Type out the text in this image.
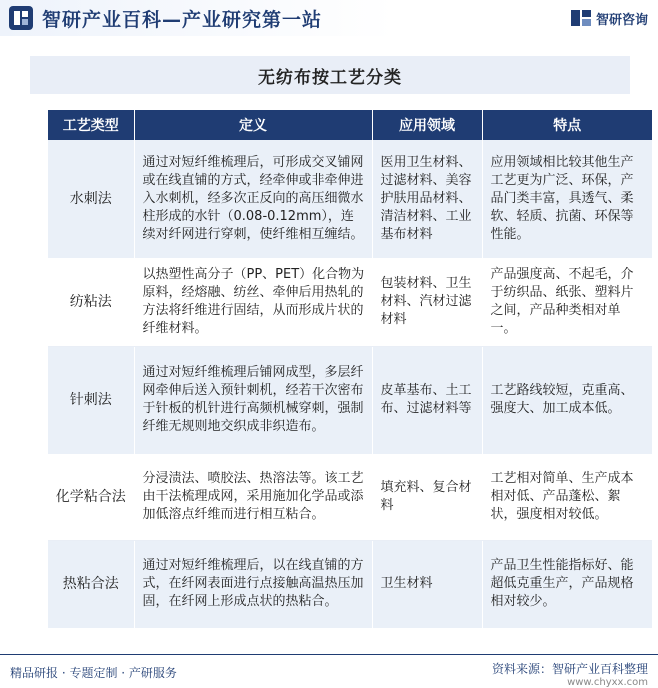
智研产业百科—产业研究第一站	智研咨询
无纺布按工艺分类
工艺类型	定义	应用领域	特点
水刺法	通过对短纤维梳理后，可形成交叉铺网或在线直铺的方式，经牵伸或非牵伸进入水刺机，经多次正反向的高压细微水柱形成的水针（0.08-0.12mm），连续对纤网进行穿刺，使纤维相互缠结。	医用卫生材料、过滤材料、美容护肤用品材料、清洁材料、工业基布材料	应用领域相比较其他生产工艺更为广泛、环保，产品门类丰富，具透气、柔软、轻质、抗菌、环保等性能。
纺粘法	以热塑性高分子（PP、PET）化合物为原料，经熔融、纺丝、牵伸后用热轧的方法将纤维进行固结，从而形成片状的纤维材料。	包装材料、卫生材料、汽材过滤材料	产品强度高、不起毛，介于纺织品、纸张、塑料片之间，产品种类相对单一。
针刺法	通过对短纤维梳理后铺网成型，多层纤网牵伸后送入预针刺机，经若干次密布于针板的机针进行高频机械穿刺，强制纤维无规则地交织成非织造布。	皮革基布、土工布、过滤材料等	工艺路线较短，克重高、强度大、加工成本低。
化学粘合法	分浸渍法、喷胶法、热溶法等。该工艺由干法梳理成网，采用施加化学品或添加低溶点纤维而进行相互粘合。	填充料、复合材料	工艺相对简单、生产成本相对低、产品蓬松、絮状，强度相对较低。
热粘合法	通过对短纤维梳理后，以在线直铺的方式，在纤网表面进行点接触高温热压加固，在纤网上形成点状的热粘合。	卫生材料	产品卫生性能指标好、能超低克重生产，产品规格相对较少。
精品研报 · 专题定制 · 产研服务	资料来源：智研产业百科整理
www.chyxx.com
